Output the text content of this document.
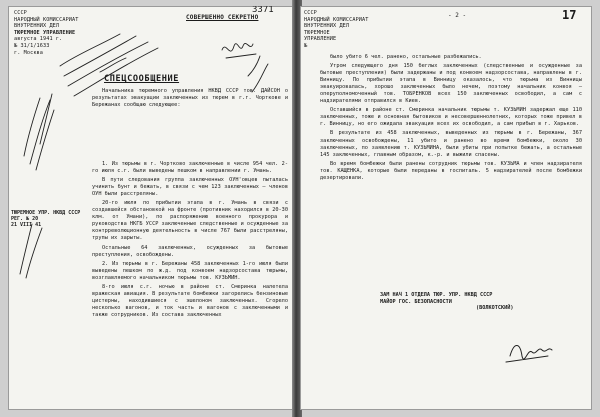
СССР
НАРОДНЫЙ КОМИССАРИАТ
ВНУТРЕННИХ ДЕЛ
ТЮРЕМНОЕ УПРАВЛЕНИЕ
августа 1941 г.
№ 31/1/1633
г. Москва
СОВЕРШЕННО СЕКРЕТНО
3371
СПЕЦСООБЩЕНИЕ

Начальника тюремного управления НКВД СССР тов. ДАЙСОН о результатах эвакуации заключенных из тюрем в г.г. Чорткове и Бережанах сообщаю следующее:

1. Из тюрьмы в г. Чортково заключенные в числе 954 чел. 2-го июля с.г. были выведены пешком в направлении г. Умань.

В пути следования группа заключенных ОУН'овцев пыталась учинить бунт и бежать, в связи с чем 123 заключенных – членов ОУН были расстреляны.

20-го июля по прибытии этапа в г. Умань в связи с создавшейся обстановкой на фронте (противник находился в 20-30 клм. от Умани), по распоряжению военного прокурора и руководства НКГБ УССР заключенные следственные и осужденные за контрреволюционную деятельность в числе 767 были расстреляны, трупы их зарыты.

Остальные 64 заключенных, осужденных за бытовые преступления, освобождены.

2. Из тюрьмы в г. Бережаны 458 заключенных 1-го июля были выведены пешком по ж.д. под конвоем надзорсостава тюрьмы, возглавляемого начальником тюрьмы тов. КУЗЬМИН.

8-го июля с.г. ночью в районе ст. Смеринка налетела вражеская авиация. В результате бомбежки загорелись бензиновые цистерны, находившиеся с эшелоном заключенных. Сгорело несколько вагонов, и ток часть и вагонов с заключенными и также сотрудников. Из состава заключенных

ТЮРЕМНОЕ УПР. НКВД СССР
РЕГ. № 20
21 VIII 41
СССР
НАРОДНЫЙ КОМИССАРИАТ
ВНУТРЕННИХ ДЕЛ
ТЮРЕМНОЕ
УПРАВЛЕНИЕ
№
- 2 -	17

было убито 6 чел. ранено, остальные разбежались.

Утром следующего дня 150 беглых заключенных (следственные и осужденные за бытовые преступления) были задержаны и под конвоем надзорсостава, направлены в г. Винницу. По прибытии этапа в Винницу оказалось, что тюрьма из Винницы эвакуировалась, хорошо заключенных было нечем, поэтому начальник конвоя – оперуполномоченный тов. ТОБРЕНКОВ всех 150 заключенных освободил, а сам с надзирателями отправился в Киев.

Оставшийся в районе ст. Смеринка начальник тюрьмы т. КУЗЬМИН задержал еще 110 заключенных, тоже и основная бытовиков и несовершеннолетних, которых тоже привел в г. Винницу, но его ожидала эвакуация всех их освободил, а сам прибыл в г. Харьков.

В результате из 458 заключенных, выведенных из тюрьмы в г. Бережаны, 367 заключенных освобождены, 11 убито и ранено во время бомбежки, около 30 заключенных, по заявлению т. КУЗЬМИНА, были убиты при попытке бежать, а остальные 145 заключенных, главным образом, к.-р. и выжили спасены.

Во время бомбежки были ранены сотрудник тюрьмы тов. КУЗЬМА и член надзирателя тов. КАЩЕНКА, которые были переданы в госпиталь. 5 надзирателей после бомбежки дезертировали.

ЗАМ НАЧ 1 ОТДЕЛА ТЮР. УПР. НКВД СССР
МАЙОР ГОС. БЕЗОПАСНОСТИ
(ВОЛКОТСКИЙ)
